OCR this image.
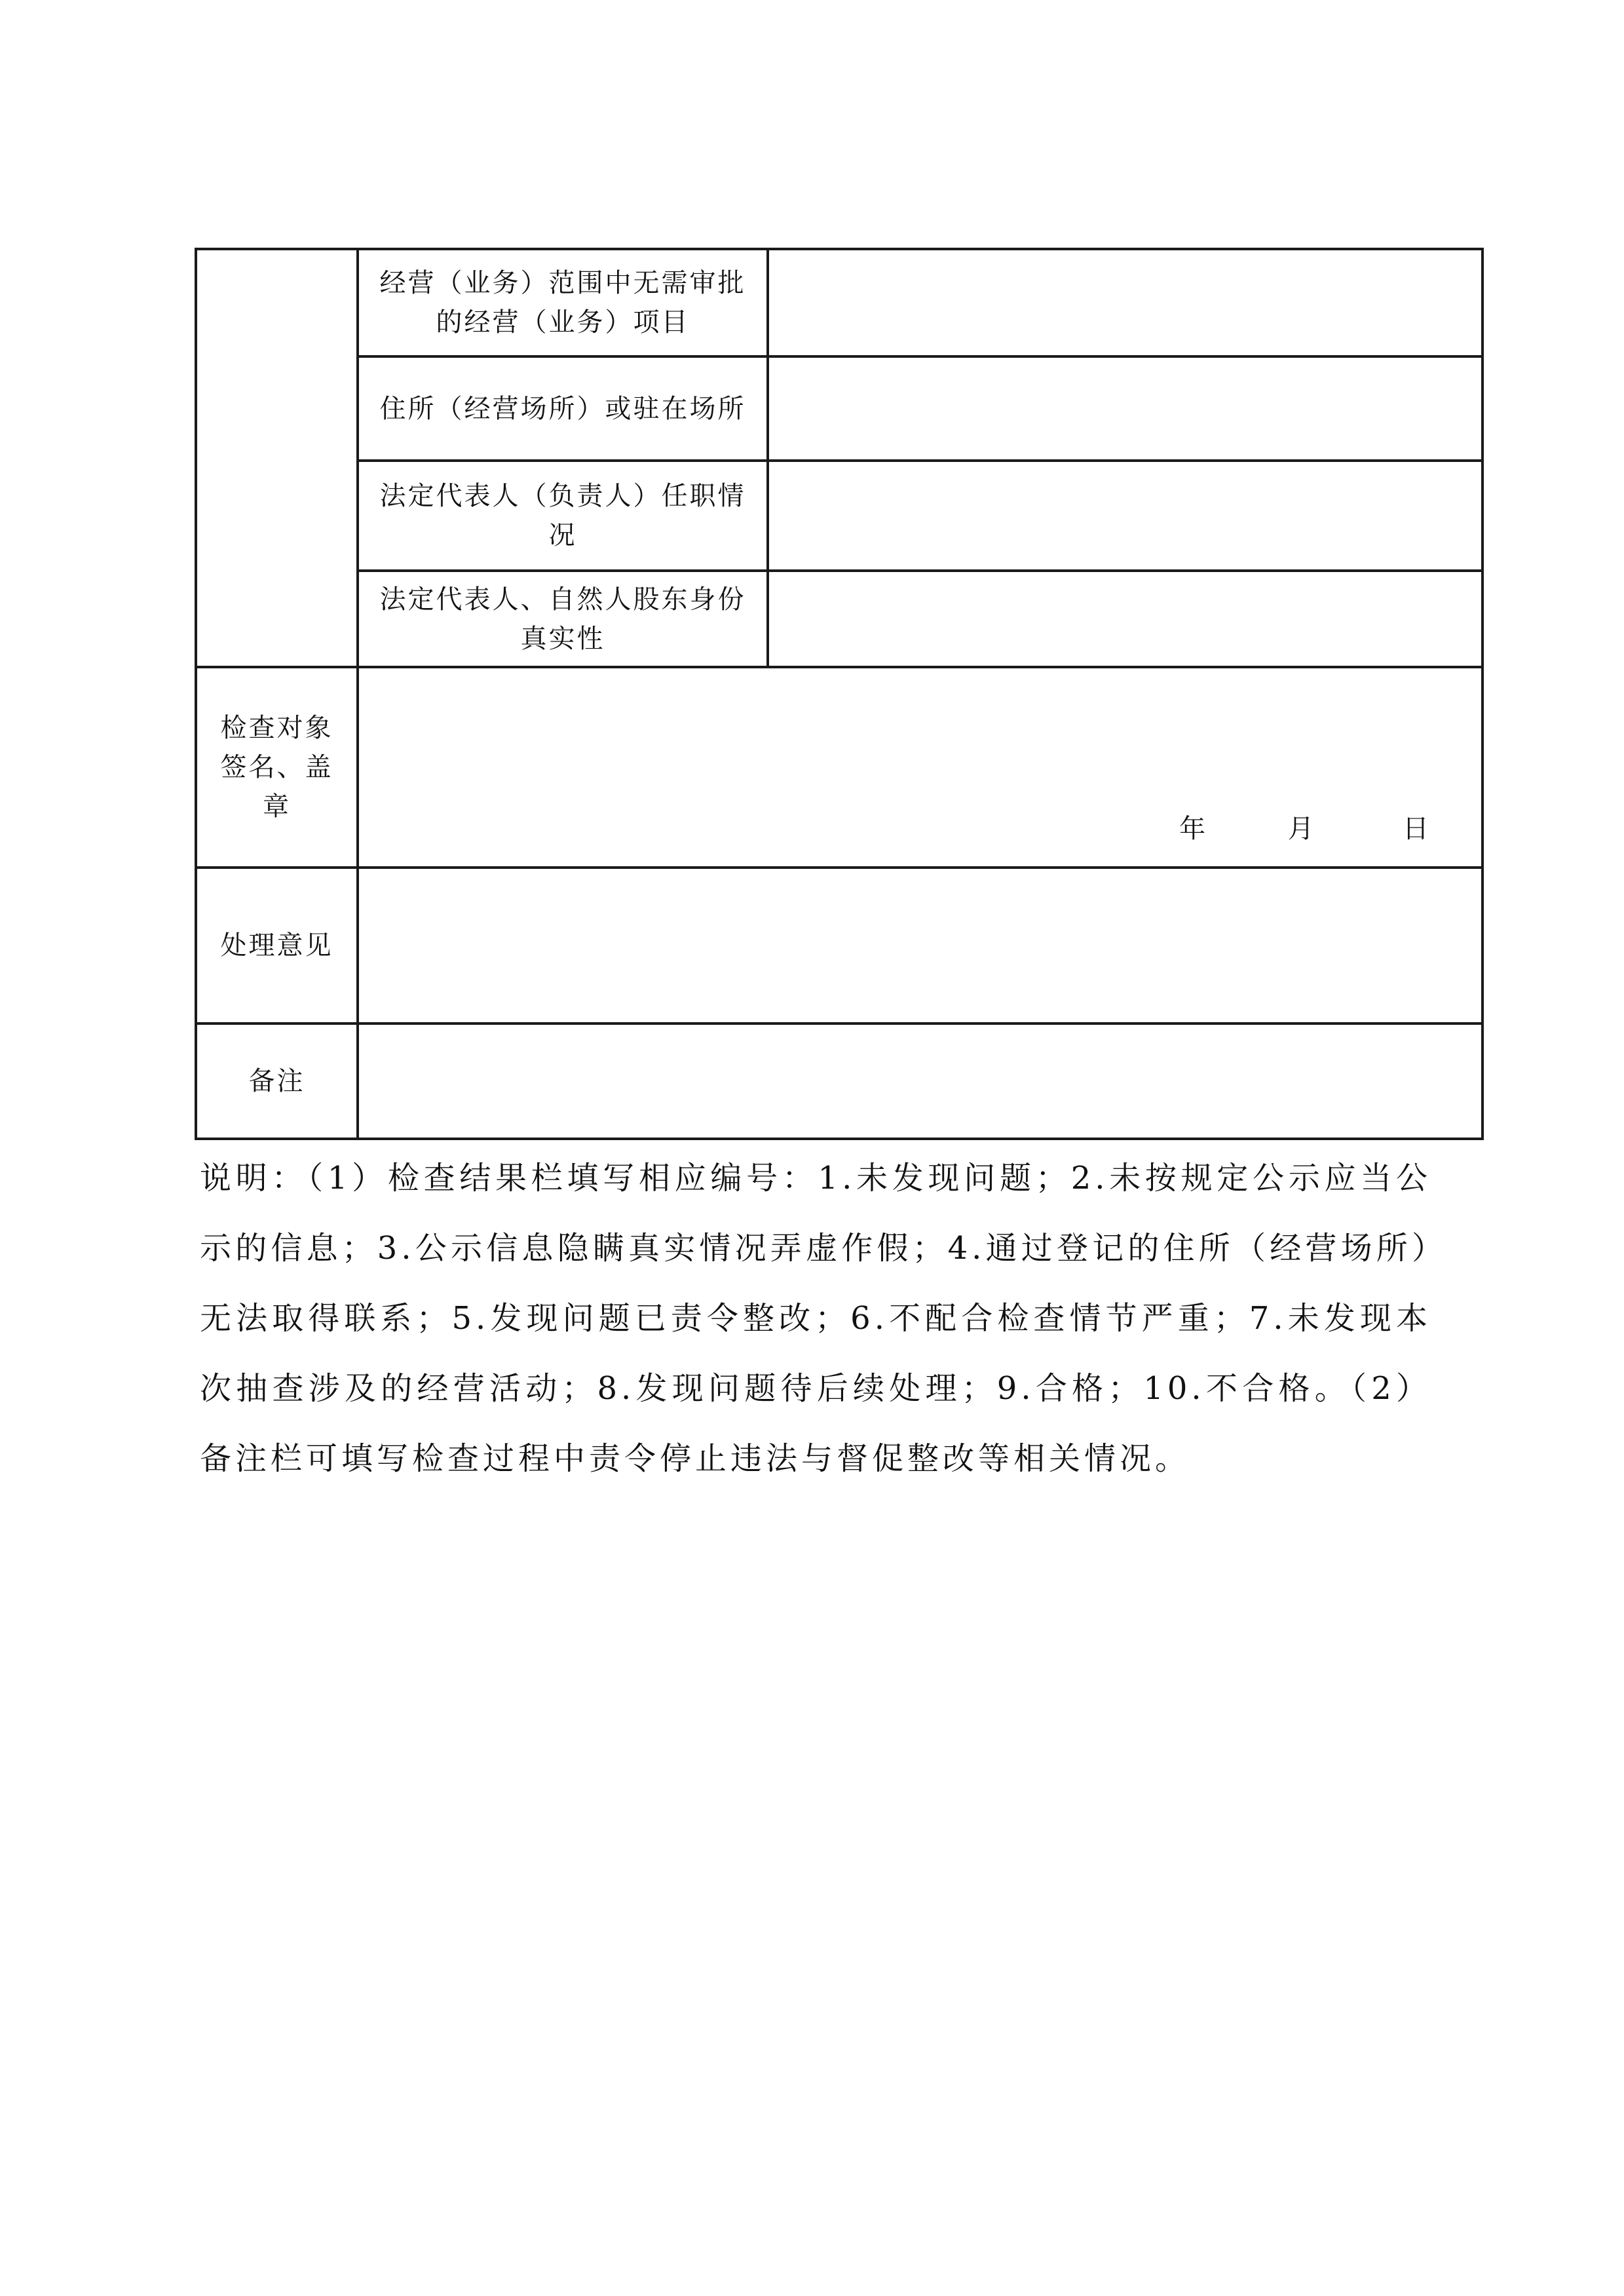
	经营（业务）范围中无需审批的经营（业务）项目	
	住所（经营场所）或驻在场所	
	法定代表人（负责人）任职情况	
	法定代表人、自然人股东身份真实性	
检查对象签名、盖章	年 月 日	

处理意见		
备注		
说明：（1）检查结果栏填写相应编号：1.未发现问题；2.未按规定公示应当公示的信息；3.公示信息隐瞒真实情况弄虚作假；4.通过登记的住所（经营场所）无法取得联系；5.发现问题已责令整改；6.不配合检查情节严重；7.未发现本次抽查涉及的经营活动；8.发现问题待后续处理；9.合格；10.不合格。（2）备注栏可填写检查过程中责令停止违法与督促整改等相关情况。
